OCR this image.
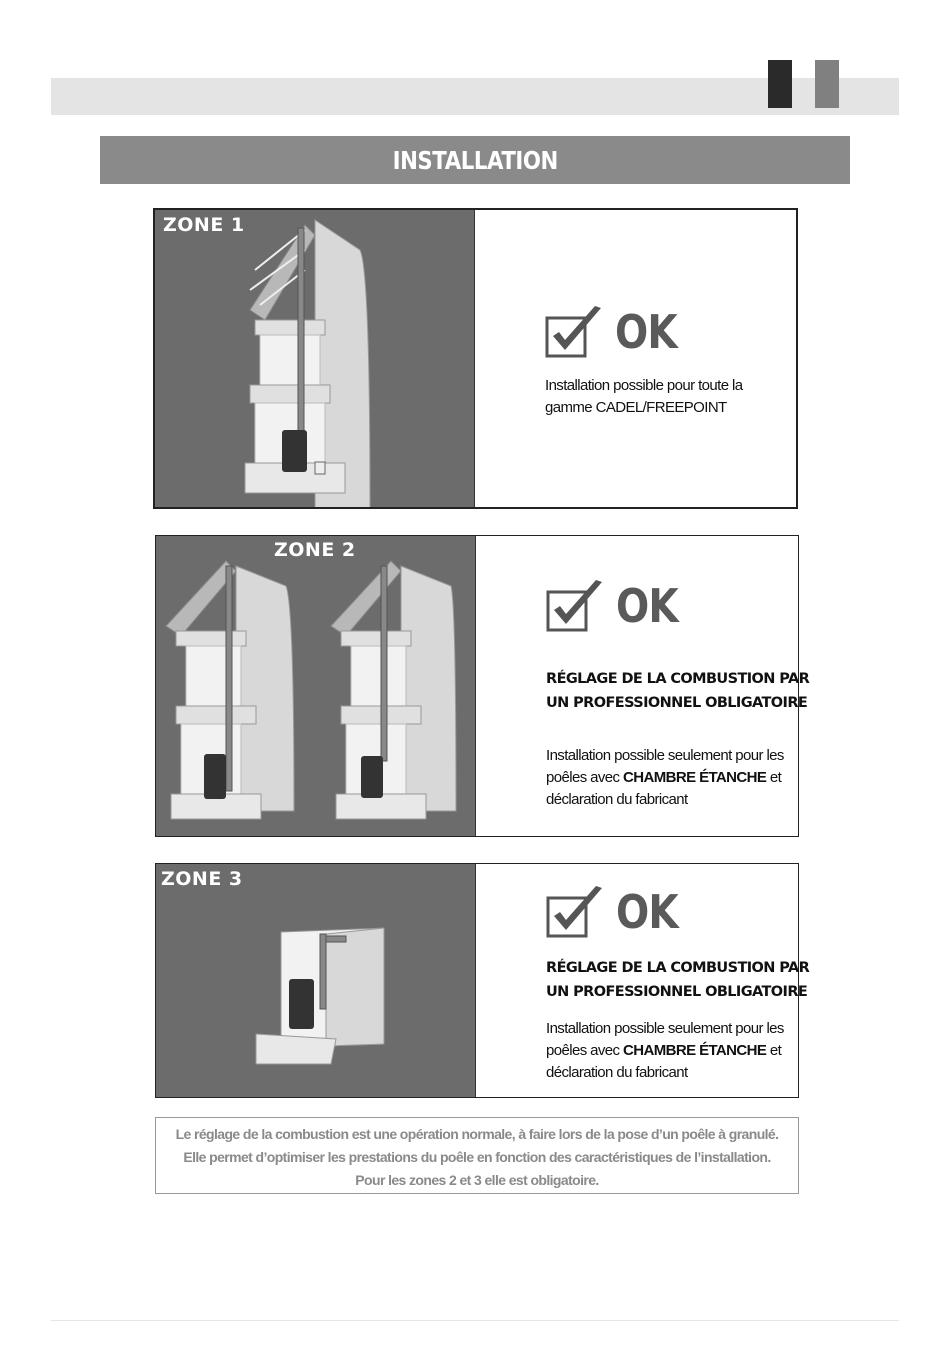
INSTALLATION
ZONE 1
OK
Installation possible pour toute la
gamme CADEL/FREEPOINT
ZONE 2
OK
RÉGLAGE DE LA COMBUSTION PAR
UN PROFESSIONNEL OBLIGATOIRE
Installation possible seulement pour les
poêles avec CHAMBRE ÉTANCHE et
déclaration du fabricant
ZONE 3
OK
RÉGLAGE DE LA COMBUSTION PAR
UN PROFESSIONNEL OBLIGATOIRE
Installation possible seulement pour les
poêles avec CHAMBRE ÉTANCHE et
déclaration du fabricant
Le réglage de la combustion est une opération normale, à faire lors de la pose d’un poêle à granulé.
Elle permet d’optimiser les prestations du poêle en fonction des caractéristiques de l’installation.
Pour les zones 2 et 3 elle est obligatoire.
